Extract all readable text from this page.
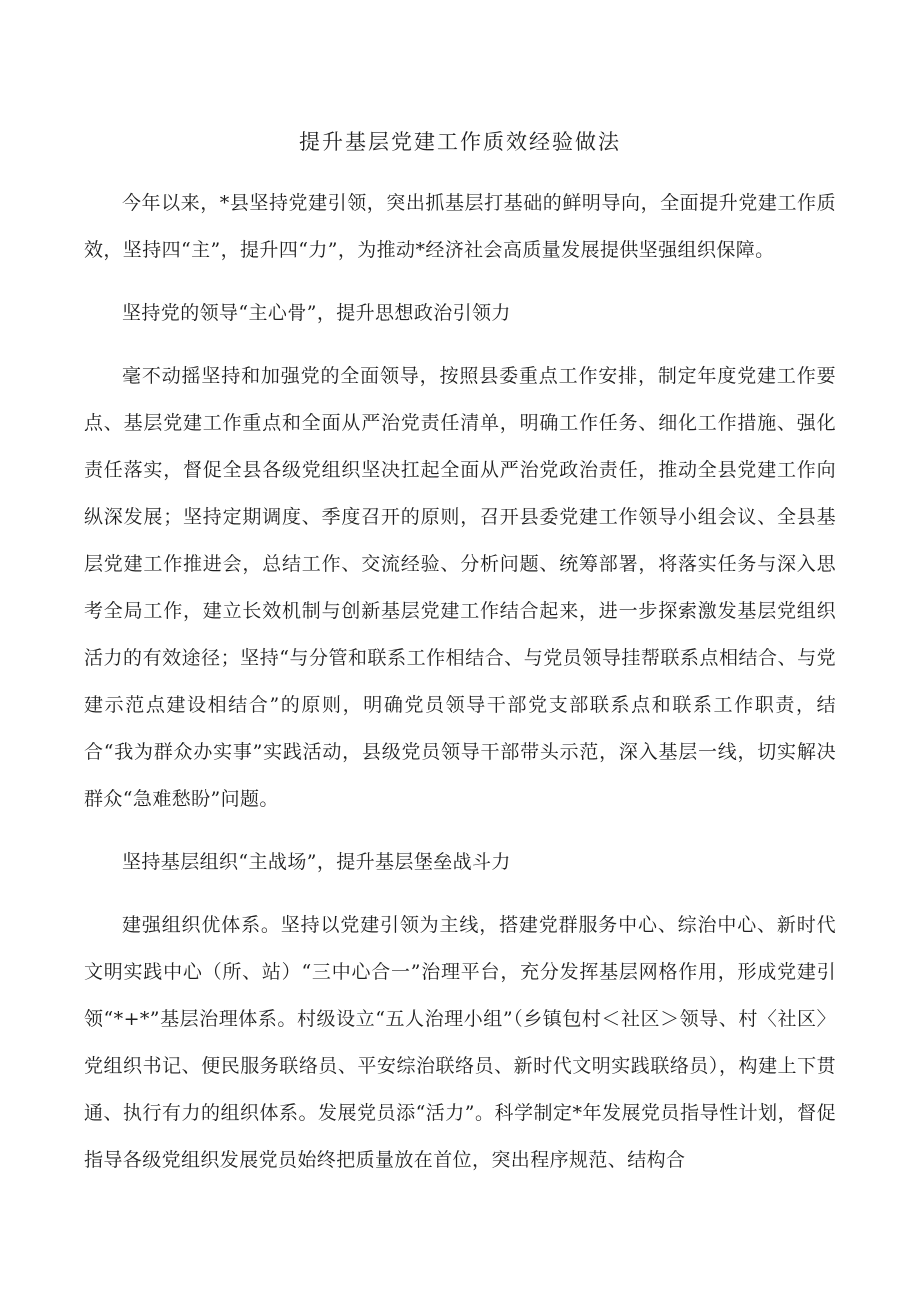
提升基层党建工作质效经验做法

今年以来，*县坚持党建引领，突出抓基层打基础的鲜明导向，全面提升党建工作质效，坚持四“主”，提升四“力”，为推动*经济社会高质量发展提供坚强组织保障。

坚持党的领导“主心骨”，提升思想政治引领力

毫不动摇坚持和加强党的全面领导，按照县委重点工作安排，制定年度党建工作要点、基层党建工作重点和全面从严治党责任清单，明确工作任务、细化工作措施、强化责任落实，督促全县各级党组织坚决扛起全面从严治党政治责任，推动全县党建工作向纵深发展；坚持定期调度、季度召开的原则，召开县委党建工作领导小组会议、全县基层党建工作推进会，总结工作、交流经验、分析问题、统筹部署，将落实任务与深入思考全局工作，建立长效机制与创新基层党建工作结合起来，进一步探索激发基层党组织活力的有效途径；坚持“与分管和联系工作相结合、与党员领导挂帮联系点相结合、与党建示范点建设相结合”的原则，明确党员领导干部党支部联系点和联系工作职责，结合“我为群众办实事”实践活动，县级党员领导干部带头示范，深入基层一线，切实解决群众“急难愁盼”问题。

坚持基层组织“主战场”，提升基层堡垒战斗力

建强组织优体系。坚持以党建引领为主线，搭建党群服务中心、综治中心、新时代文明实践中心（所、站）“三中心合一”治理平台，充分发挥基层网格作用，形成党建引领“*+*”基层治理体系。村级设立“五人治理小组”（乡镇包村＜社区＞领导、村〈社区〉党组织书记、便民服务联络员、平安综治联络员、新时代文明实践联络员），构建上下贯通、执行有力的组织体系。发展党员添“活力”。科学制定*年发展党员指导性计划，督促指导各级党组织发展党员始终把质量放在首位，突出程序规范、结构合
